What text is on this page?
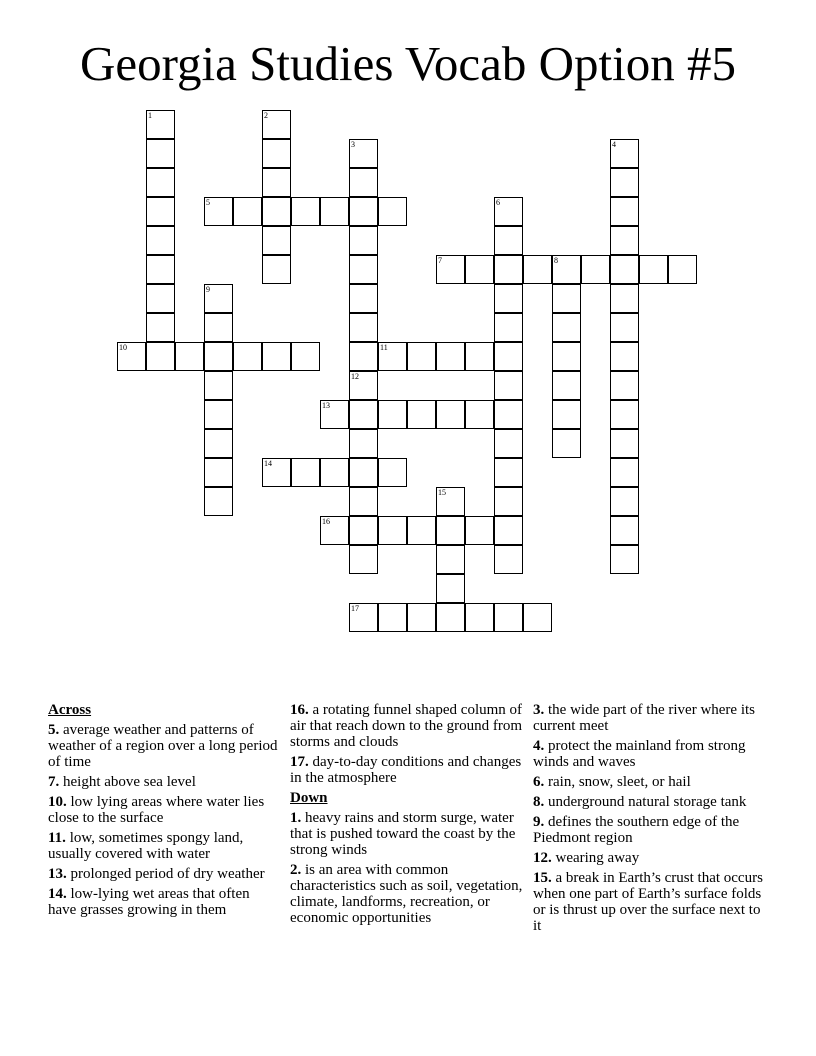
Georgia Studies Vocab Option #5
5
7	8
10	11
13
14
16
17
1	2
3
12
4
6
9
15
Across
5. average weather and patterns of weather of a region over a long period of time
7. height above sea level
10. low lying areas where water lies close to the surface
11. low, sometimes spongy land, usually covered with water
13. prolonged period of dry weather
14. low-lying wet areas that often have grasses growing in them
16. a rotating funnel shaped column of air that reach down to the ground from storms and clouds
17. day-to-day conditions and changes in the atmosphere
Down
1. heavy rains and storm surge, water that is pushed toward the coast by the strong winds
2. is an area with common characteristics such as soil, vegetation, climate, landforms, recreation, or economic opportunities
3. the wide part of the river where its current meet
4. protect the mainland from strong winds and waves
6. rain, snow, sleet, or hail
8. underground natural storage tank
9. defines the southern edge of the Piedmont region
12. wearing away
15. a break in Earth’s crust that occurs when one part of Earth’s surface folds or is thrust up over the surface next to it
